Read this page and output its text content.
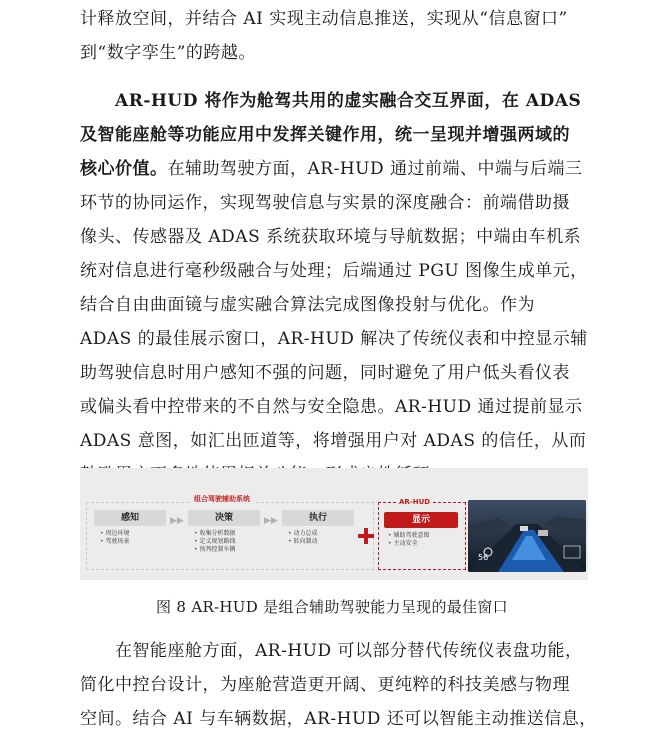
计释放空间，并结合 AI 实现主动信息推送，实现从“信息窗口”
到“数字孪生”的跨越。
AR-HUD 将作为舱驾共用的虚实融合交互界面，在 ADAS
及智能座舱等功能应用中发挥关键作用，统一呈现并增强两域的
核心价值。在辅助驾驶方面，AR-HUD 通过前端、中端与后端三
环节的协同运作，实现驾驶信息与实景的深度融合：前端借助摄
像头、传感器及 ADAS 系统获取环境与导航数据；中端由车机系
统对信息进行毫秒级融合与处理；后端通过 PGU 图像生成单元，
结合自由曲面镜与虚实融合算法完成图像投射与优化。作为
ADAS 的最佳展示窗口，AR-HUD 解决了传统仪表和中控显示辅
助驾驶信息时用户感知不强的问题，同时避免了用户低头看仪表
或偏头看中控带来的不自然与安全隐患。AR-HUD 通过提前显示
ADAS 意图，如汇出匝道等，将增强用户对 ADAS 的信任，从而
组合驾驶辅助系统
感知
• 周边环境
• 驾驶场景
▶▶	决策
• 收集分析数据
• 定义规划路线
• 预判控制车辆
▶▶	执行
• 动力总成
• 转向制动
AR-HUD
显示
• 辅助驾驶意图
• 主动安全
56
图 8 AR-HUD 是组合辅助驾驶能力呈现的最佳窗口
在智能座舱方面，AR-HUD 可以部分替代传统仪表盘功能，
简化中控台设计，为座舱营造更开阔、更纯粹的科技美感与物理
空间。结合 AI 与车辆数据，AR-HUD 还可以智能主动推送信息，
